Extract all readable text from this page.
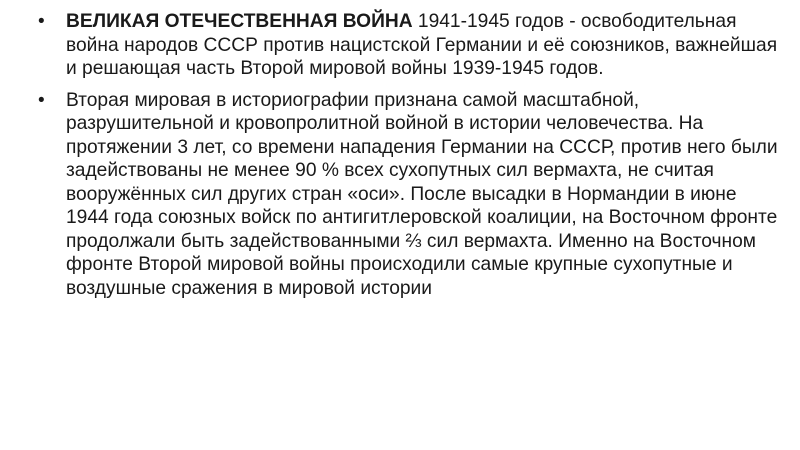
•	ВЕЛИКАЯ ОТЕЧЕСТВЕННАЯ ВОЙНА 1941-1945 годов - освободительная война народов СССР против нацистской Германии и её союзников, важнейшая и решающая часть Второй мировой войны 1939-1945 годов.
•	Вторая мировая в историографии признана самой масштабной, разрушительной и кровопролитной войной в истории человечества. На протяжении 3 лет, со времени нападения Германии на СССР, против него были задействованы не менее 90 % всех сухопутных сил вермахта, не считая вооружённых сил других стран «оси». После высадки в Нормандии в июне 1944 года союзных войск по антигитлеровской коалиции, на Восточном фронте продолжали быть задействованными ⅔ сил вермахта. Именно на Восточном фронте Второй мировой войны происходили самые крупные сухопутные и воздушные сражения в мировой истории
